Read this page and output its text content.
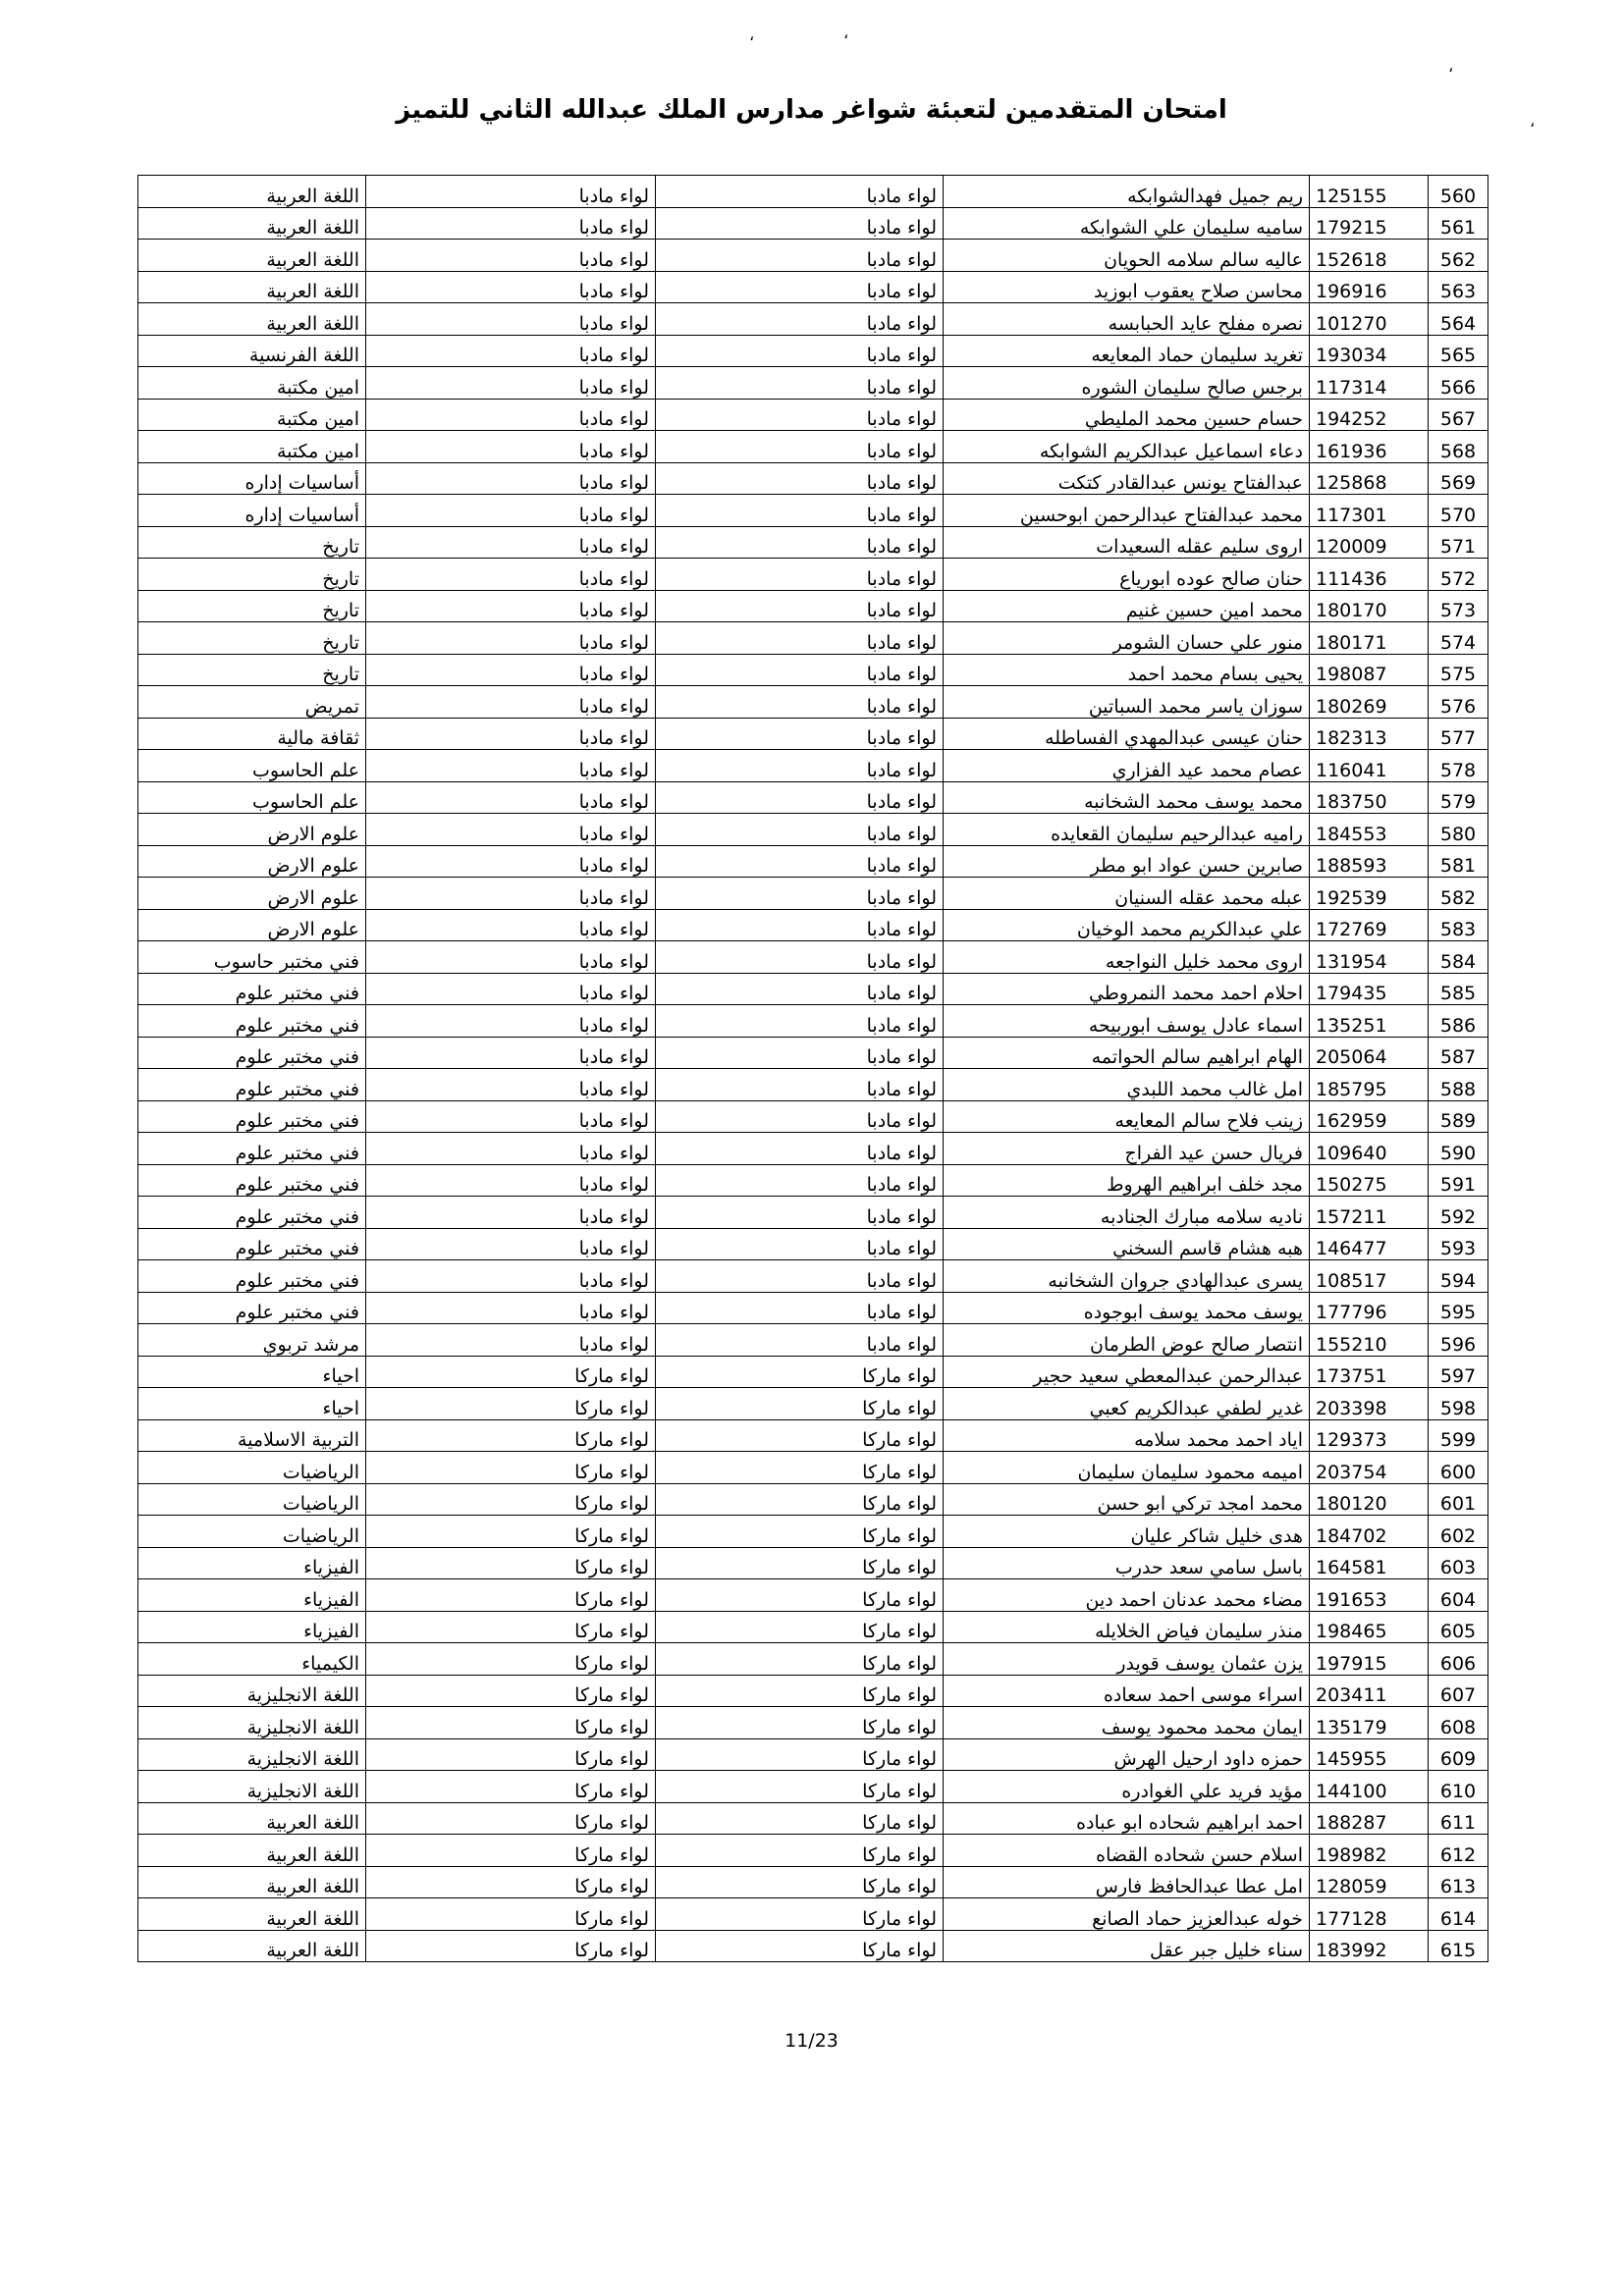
،	،
،
،
امتحان المتقدمين لتعبئة شواغر مدارس الملك عبدالله الثاني للتميز
560	125155	ريم جميل فهدالشوابكه	لواء مادبا	لواء مادبا	اللغة العربية
561	179215	ساميه سليمان علي الشوابكه	لواء مادبا	لواء مادبا	اللغة العربية
562	152618	عاليه سالم سلامه الحويان	لواء مادبا	لواء مادبا	اللغة العربية
563	196916	محاسن صلاح يعقوب ابوزيد	لواء مادبا	لواء مادبا	اللغة العربية
564	101270	نصره مفلح عايد الحبابسه	لواء مادبا	لواء مادبا	اللغة العربية
565	193034	تغريد سليمان حماد المعايعه	لواء مادبا	لواء مادبا	اللغة الفرنسية
566	117314	برجس صالح سليمان الشوره	لواء مادبا	لواء مادبا	امين مكتبة
567	194252	حسام حسين محمد المليطي	لواء مادبا	لواء مادبا	امين مكتبة
568	161936	دعاء اسماعيل عبدالكريم الشوابكه	لواء مادبا	لواء مادبا	امين مكتبة
569	125868	عبدالفتاح يونس عبدالقادر كتكت	لواء مادبا	لواء مادبا	أساسيات إداره
570	117301	محمد عبدالفتاح عبدالرحمن ابوحسين	لواء مادبا	لواء مادبا	أساسيات إداره
571	120009	اروى سليم عقله السعيدات	لواء مادبا	لواء مادبا	تاريخ
572	111436	حنان صالح عوده ابورياع	لواء مادبا	لواء مادبا	تاريخ
573	180170	محمد امين حسين غنيم	لواء مادبا	لواء مادبا	تاريخ
574	180171	منور علي حسان الشومر	لواء مادبا	لواء مادبا	تاريخ
575	198087	يحيى بسام محمد احمد	لواء مادبا	لواء مادبا	تاريخ
576	180269	سوزان ياسر محمد السباتين	لواء مادبا	لواء مادبا	تمريض
577	182313	حنان عيسى عبدالمهدي الفساطله	لواء مادبا	لواء مادبا	ثقافة مالية
578	116041	عصام محمد عيد الفزاري	لواء مادبا	لواء مادبا	علم الحاسوب
579	183750	محمد يوسف محمد الشخانبه	لواء مادبا	لواء مادبا	علم الحاسوب
580	184553	راميه عبدالرحيم سليمان القعايده	لواء مادبا	لواء مادبا	علوم الارض
581	188593	صابرين حسن عواد ابو مطر	لواء مادبا	لواء مادبا	علوم الارض
582	192539	عبله محمد عقله السنيان	لواء مادبا	لواء مادبا	علوم الارض
583	172769	علي عبدالكريم محمد الوخيان	لواء مادبا	لواء مادبا	علوم الارض
584	131954	اروى محمد خليل النواجعه	لواء مادبا	لواء مادبا	فني مختبر حاسوب
585	179435	احلام احمد محمد النمروطي	لواء مادبا	لواء مادبا	فني مختبر علوم
586	135251	اسماء عادل يوسف ابوربيحه	لواء مادبا	لواء مادبا	فني مختبر علوم
587	205064	الهام ابراهيم سالم الحواتمه	لواء مادبا	لواء مادبا	فني مختبر علوم
588	185795	امل غالب محمد اللبدي	لواء مادبا	لواء مادبا	فني مختبر علوم
589	162959	زينب فلاح سالم المعايعه	لواء مادبا	لواء مادبا	فني مختبر علوم
590	109640	فريال حسن عيد الفراج	لواء مادبا	لواء مادبا	فني مختبر علوم
591	150275	مجد خلف ابراهيم الهروط	لواء مادبا	لواء مادبا	فني مختبر علوم
592	157211	ناديه سلامه مبارك الجنادبه	لواء مادبا	لواء مادبا	فني مختبر علوم
593	146477	هبه هشام قاسم السخني	لواء مادبا	لواء مادبا	فني مختبر علوم
594	108517	يسرى عبدالهادي جروان الشخانبه	لواء مادبا	لواء مادبا	فني مختبر علوم
595	177796	يوسف محمد يوسف ابوجوده	لواء مادبا	لواء مادبا	فني مختبر علوم
596	155210	انتصار صالح عوض الطرمان	لواء مادبا	لواء مادبا	مرشد تربوي
597	173751	عبدالرحمن عبدالمعطي سعيد حجير	لواء ماركا	لواء ماركا	احياء
598	203398	غدير لطفي عبدالكريم كعبي	لواء ماركا	لواء ماركا	احياء
599	129373	اياد احمد محمد سلامه	لواء ماركا	لواء ماركا	التربية الاسلامية
600	203754	اميمه محمود سليمان سليمان	لواء ماركا	لواء ماركا	الرياضيات
601	180120	محمد امجد تركي ابو حسن	لواء ماركا	لواء ماركا	الرياضيات
602	184702	هدى خليل شاكر عليان	لواء ماركا	لواء ماركا	الرياضيات
603	164581	باسل سامي سعد حدرب	لواء ماركا	لواء ماركا	الفيزياء
604	191653	مضاء محمد عدنان احمد دين	لواء ماركا	لواء ماركا	الفيزياء
605	198465	منذر سليمان فياض الخلايله	لواء ماركا	لواء ماركا	الفيزياء
606	197915	يزن عثمان يوسف قويدر	لواء ماركا	لواء ماركا	الكيمياء
607	203411	اسراء موسى احمد سعاده	لواء ماركا	لواء ماركا	اللغة الانجليزية
608	135179	ايمان محمد محمود يوسف	لواء ماركا	لواء ماركا	اللغة الانجليزية
609	145955	حمزه داود ارحيل الهرش	لواء ماركا	لواء ماركا	اللغة الانجليزية
610	144100	مؤيد فريد علي الغوادره	لواء ماركا	لواء ماركا	اللغة الانجليزية
611	188287	احمد ابراهيم شحاده ابو عباده	لواء ماركا	لواء ماركا	اللغة العربية
612	198982	اسلام حسن شحاده القضاه	لواء ماركا	لواء ماركا	اللغة العربية
613	128059	امل عطا عبدالحافظ فارس	لواء ماركا	لواء ماركا	اللغة العربية
614	177128	خوله عبدالعزيز حماد الصانع	لواء ماركا	لواء ماركا	اللغة العربية
615	183992	سناء خليل جبر عقل	لواء ماركا	لواء ماركا	اللغة العربية
11/23
